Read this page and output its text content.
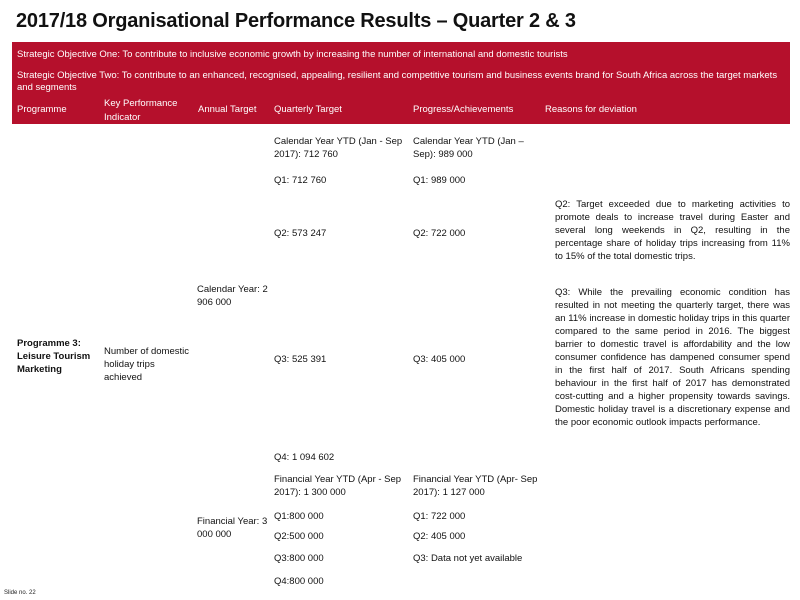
2017/18 Organisational Performance Results – Quarter 2 & 3
Strategic Objective One: To contribute to inclusive economic growth by increasing the number of international and domestic tourists
Strategic Objective Two: To contribute to an enhanced, recognised, appealing, resilient and competitive tourism and business events brand for South Africa across the target markets and segments
Programme
Key Performance Indicator
Annual Target Quarterly Target	Progress/Achievements	Reasons for deviation
Programme 3: Leisure Tourism Marketing
Number of domestic holiday trips achieved
Calendar Year: 2 906 000
Financial Year: 3 000 000
Calendar Year YTD (Jan - Sep 2017): 712 760
Q1: 712 760
Q2: 573 247
Q3: 525 391
Q4: 1 094 602
Financial Year YTD (Apr - Sep 2017): 1 300 000
Q1:800 000
Q2:500 000
Q3:800 000
Q4:800 000
Calendar Year YTD (Jan – Sep): 989 000
Q1: 989 000
Q2: 722 000
Q3: 405 000
Financial Year YTD (Apr- Sep 2017): 1 127 000
Q1: 722 000
Q2: 405 000
Q3: Data not yet available
Q2: Target exceeded due to marketing activities to promote deals to increase travel during Easter and several long weekends in Q2, resulting in the percentage share of holiday trips increasing from 11% to 15% of the total domestic trips.
Q3: While the prevailing economic condition has resulted in not meeting the quarterly target, there was an 11% increase in domestic holiday trips in this quarter compared to the same period in 2016. The biggest barrier to domestic travel is affordability and the low consumer confidence has dampened consumer spend in the first half of 2017. South Africans spending behaviour in the first half of 2017 has demonstrated cost-cutting and a higher propensity towards savings. Domestic holiday travel is a discretionary expense and the poor economic outlook impacts performance.
Slide no. 22
